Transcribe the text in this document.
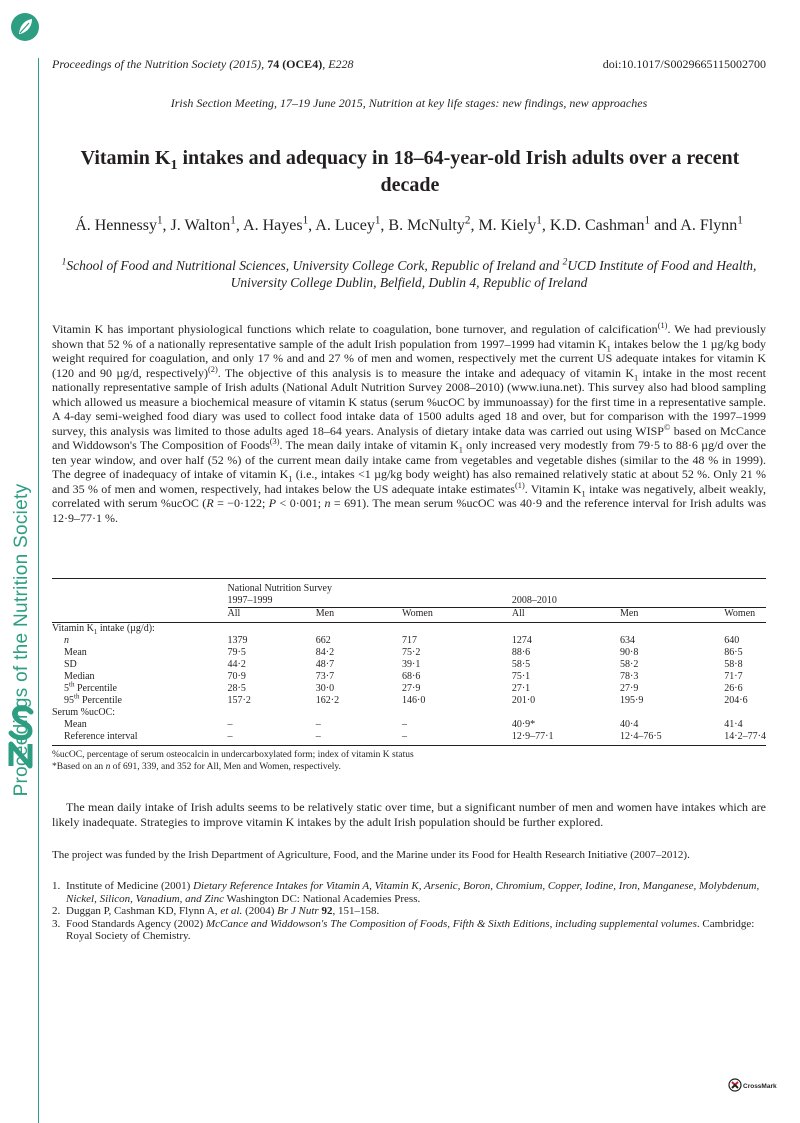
Proceedings of the Nutrition Society
Proceedings of the Nutrition Society (2015), 74 (OCE4), E228	doi:10.1017/S0029665115002700
Irish Section Meeting, 17–19 June 2015, Nutrition at key life stages: new findings, new approaches
Vitamin $K_1$ intakes and adequacy in 18–64-year-old Irish adults over a recent decade
Á. Hennessy$^1$, J. Walton$^1$, A. Hayes$^1$, A. Lucey$^1$, B. McNulty$^2$, M. Kiely$^1$, K.D. Cashman$^1$ and A. Flynn$^1$
$^1$School of Food and Nutritional Sciences, University College Cork, Republic of Ireland and $^2$UCD Institute of Food and Health, University College Dublin, Belfield, Dublin 4, Republic of Ireland

Vitamin K has important physiological functions which relate to coagulation, bone turnover, and regulation of calcification$^{(1)}$. We had previously shown that 52 % of a nationally representative sample of the adult Irish population from 1997–1999 had vitamin $K_1$ intakes below the 1 µg/kg body weight required for coagulation, and only 17 % and and 27 % of men and women, respectively met the current US adequate intakes for vitamin K (120 and 90 µg/d, respectively)$^{(2)}$. The objective of this analysis is to measure the intake and adequacy of vitamin $K_1$ intake in the most recent nationally representative sample of Irish adults (National Adult Nutrition Survey 2008–2010) (www.iuna.net). This survey also had blood sampling which allowed us measure a biochemical measure of vitamin K status (serum %ucOC by immunoassay) for the first time in a representative sample. A 4-day semi-weighed food diary was used to collect food intake data of 1500 adults aged 18 and over, but for comparison with the 1997–1999 survey, this analysis was limited to those adults aged 18–64 years. Analysis of dietary intake data was carried out using WISP© based on McCance and Widdowson's The Composition of Foods$^{(3)}$. The mean daily intake of vitamin $K_1$ only increased very modestly from 79·5 to 88·6 µg/d over the ten year window, and over half (52 %) of the current mean daily intake came from vegetables and vegetable dishes (similar to the 48 % in 1999). The degree of inadequacy of intake of vitamin $K_1$ (i.e., intakes <1 µg/kg body weight) has also remained relatively static at about 52 %. Only 21 % and 35 % of men and women, respectively, had intakes below the US adequate intake estimates$^{(1)}$. Vitamin $K_1$ intake was negatively, albeit weakly, correlated with serum %ucOC (R = −0·122; P < 0·001; n = 691). The mean serum %ucOC was 40·9 and the reference interval for Irish adults was 12·9–77·1 %.

	National Nutrition Survey						
	1997–1999			2008–2010			
	All	Men	Women	All	Men	Women	

Vitamin $K_1$ intake (µg/d):							
n	1379	662	717	1274	634	640	
Mean	79·5	84·2	75·2	88·6	90·8	86·5	
SD	44·2	48·7	39·1	58·5	58·2	58·8	
Median	70·9	73·7	68·6	75·1	78·3	71·7	
5th Percentile	28·5	30·0	27·9	27·1	27·9	26·6	
95th Percentile	157·2	162·2	146·0	201·0	195·9	204·6	
Serum %ucOC:							
Mean	–	–	–	40·9*	40·4	41·4	
Reference interval	–	–	–	12·9–77·1	12·4–76·5	14·2–77·4	

%ucOC, percentage of serum osteocalcin in undercarboxylated form; index of vitamin K status
*Based on an n of 691, 339, and 352 for All, Men and Women, respectively.
The mean daily intake of Irish adults seems to be relatively static over time, but a significant number of men and women have intakes which are likely inadequate. Strategies to improve vitamin K intakes by the adult Irish population should be further explored.
The project was funded by the Irish Department of Agriculture, Food, and the Marine under its Food for Health Research Initiative (2007–2012).
1. Institute of Medicine (2001) Dietary Reference Intakes for Vitamin A, Vitamin K, Arsenic, Boron, Chromium, Copper, Iodine, Iron, Manganese, Molybdenum, Nickel, Silicon, Vanadium, and Zinc Washington DC: National Academies Press.
2. Duggan P, Cashman KD, Flynn A, et al. (2004) Br J Nutr 92, 151–158.
3. Food Standards Agency (2002) McCance and Widdowson's The Composition of Foods, Fifth & Sixth Editions, including supplemental volumes. Cambridge: Royal Society of Chemistry.
CrossMark
